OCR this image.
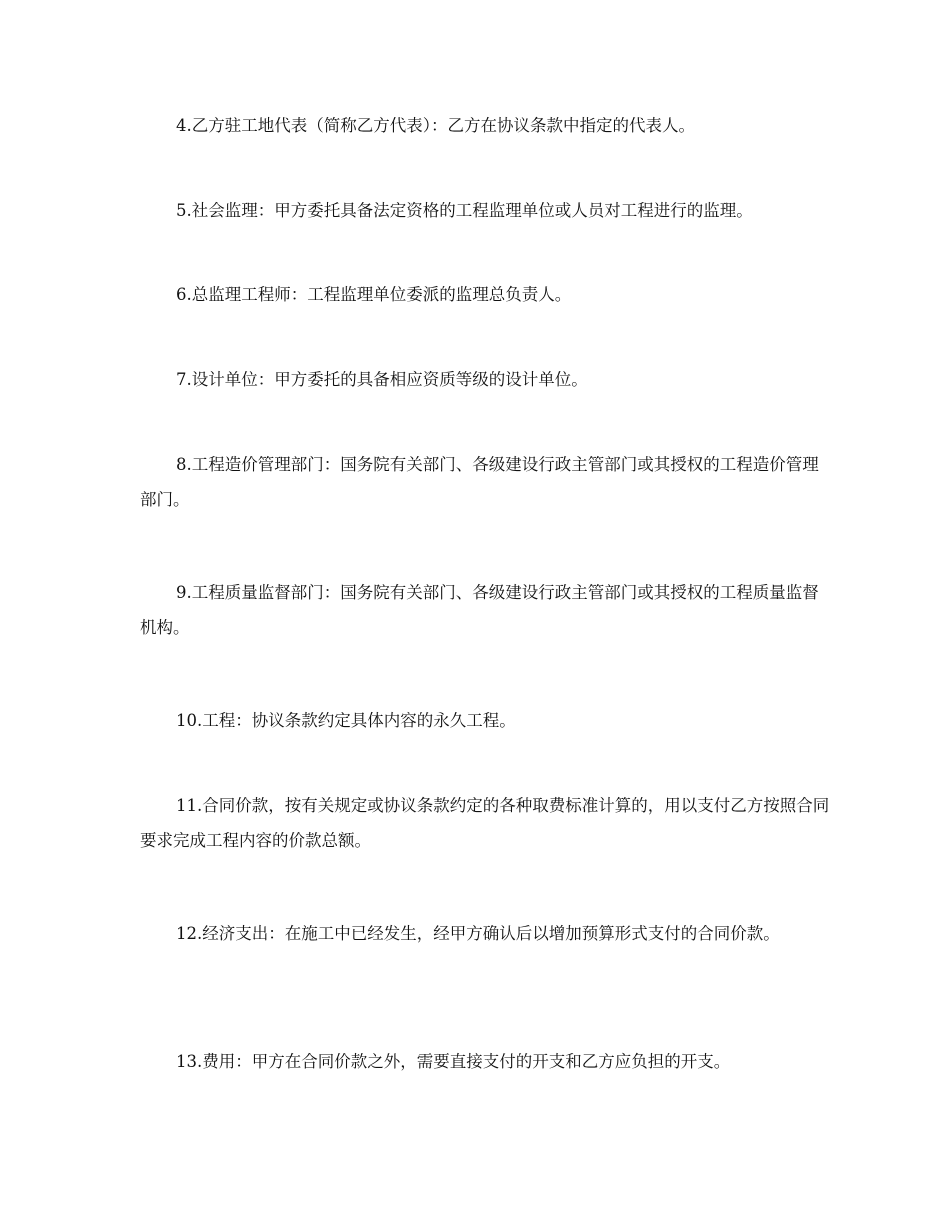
4.乙方驻工地代表（简称乙方代表）：乙方在协议条款中指定的代表人。

5.社会监理：甲方委托具备法定资格的工程监理单位或人员对工程进行的监理。

6.总监理工程师：工程监理单位委派的监理总负责人。

7.设计单位：甲方委托的具备相应资质等级的设计单位。

8.工程造价管理部门：国务院有关部门、各级建设行政主管部门或其授权的工程造价管理部门。

9.工程质量监督部门：国务院有关部门、各级建设行政主管部门或其授权的工程质量监督机构。

10.工程：协议条款约定具体内容的永久工程。

11.合同价款，按有关规定或协议条款约定的各种取费标准计算的，用以支付乙方按照合同要求完成工程内容的价款总额。

12.经济支出：在施工中已经发生，经甲方确认后以增加预算形式支付的合同价款。

13.费用：甲方在合同价款之外，需要直接支付的开支和乙方应负担的开支。
